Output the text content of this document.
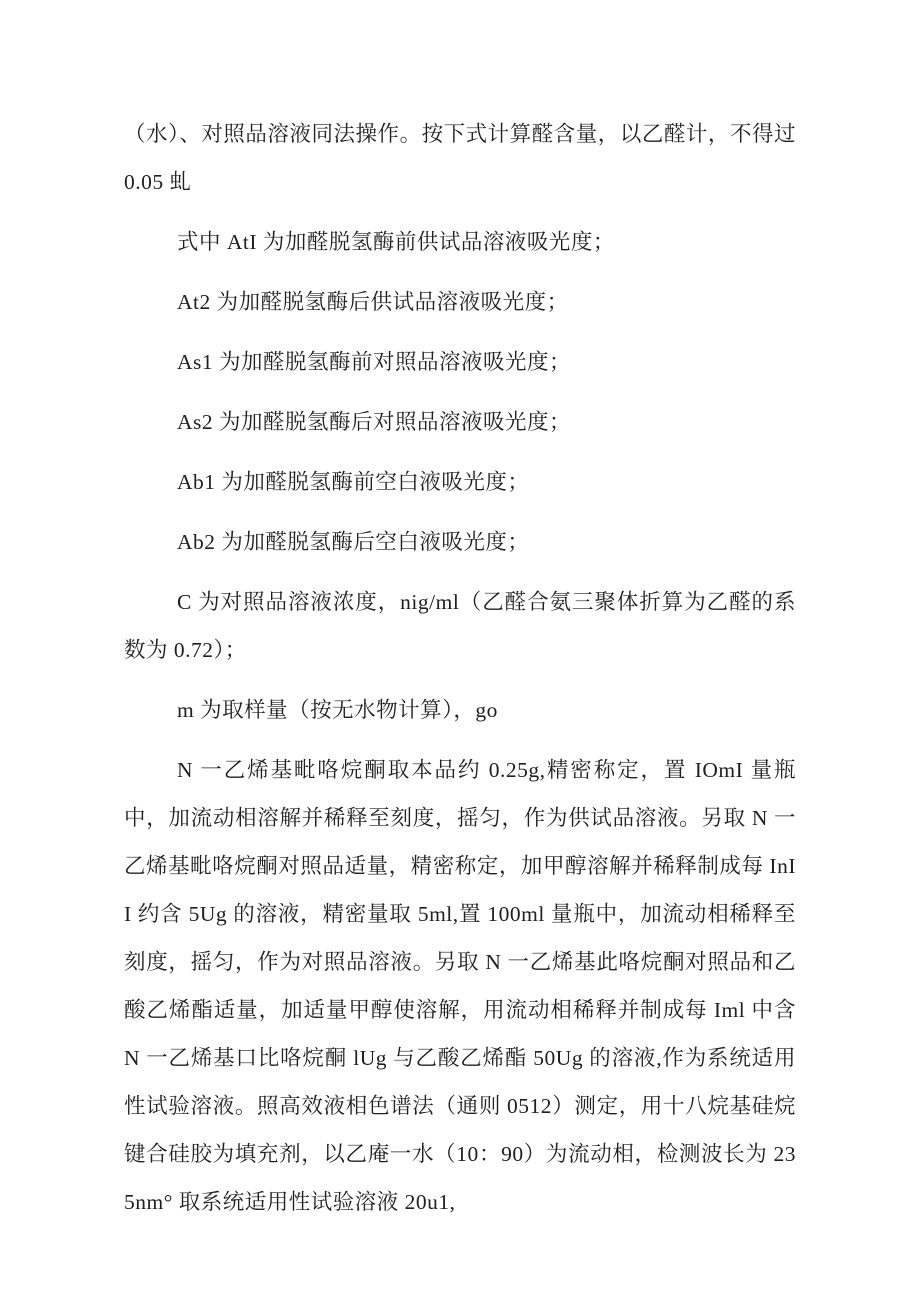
（水）、对照品溶液同法操作。按下式计算醛含量，以乙醛计，不得过 0.05 虬

式中 AtI 为加醛脱氢酶前供试品溶液吸光度；

At2 为加醛脱氢酶后供试品溶液吸光度；

As1 为加醛脱氢酶前对照品溶液吸光度；

As2 为加醛脱氢酶后对照品溶液吸光度；

Ab1 为加醛脱氢酶前空白液吸光度；

Ab2 为加醛脱氢酶后空白液吸光度；

C 为对照品溶液浓度，nig/ml（乙醛合氨三聚体折算为乙醛的系数为 0.72）；

m 为取样量（按无水物计算），go

N 一乙烯基毗咯烷酮取本品约 0.25g,精密称定，置 IOmI 量瓶中，加流动相溶解并稀释至刻度，摇匀，作为供试品溶液。另取 N 一乙烯基毗咯烷酮对照品适量，精密称定，加甲醇溶解并稀释制成每 InII 约含 5Ug 的溶液，精密量取 5ml,置 100ml 量瓶中，加流动相稀释至刻度，摇匀，作为对照品溶液。另取 N 一乙烯基此咯烷酮对照品和乙酸乙烯酯适量，加适量甲醇使溶解，用流动相稀释并制成每 Iml 中含 N 一乙烯基口比咯烷酮 lUg 与乙酸乙烯酯 50Ug 的溶液,作为系统适用性试验溶液。照高效液相色谱法（通则 0512）测定，用十八烷基硅烷键合硅胶为填充剂，以乙庵一水（10：90）为流动相，检测波长为 235nm° 取系统适用性试验溶液 20u1,
